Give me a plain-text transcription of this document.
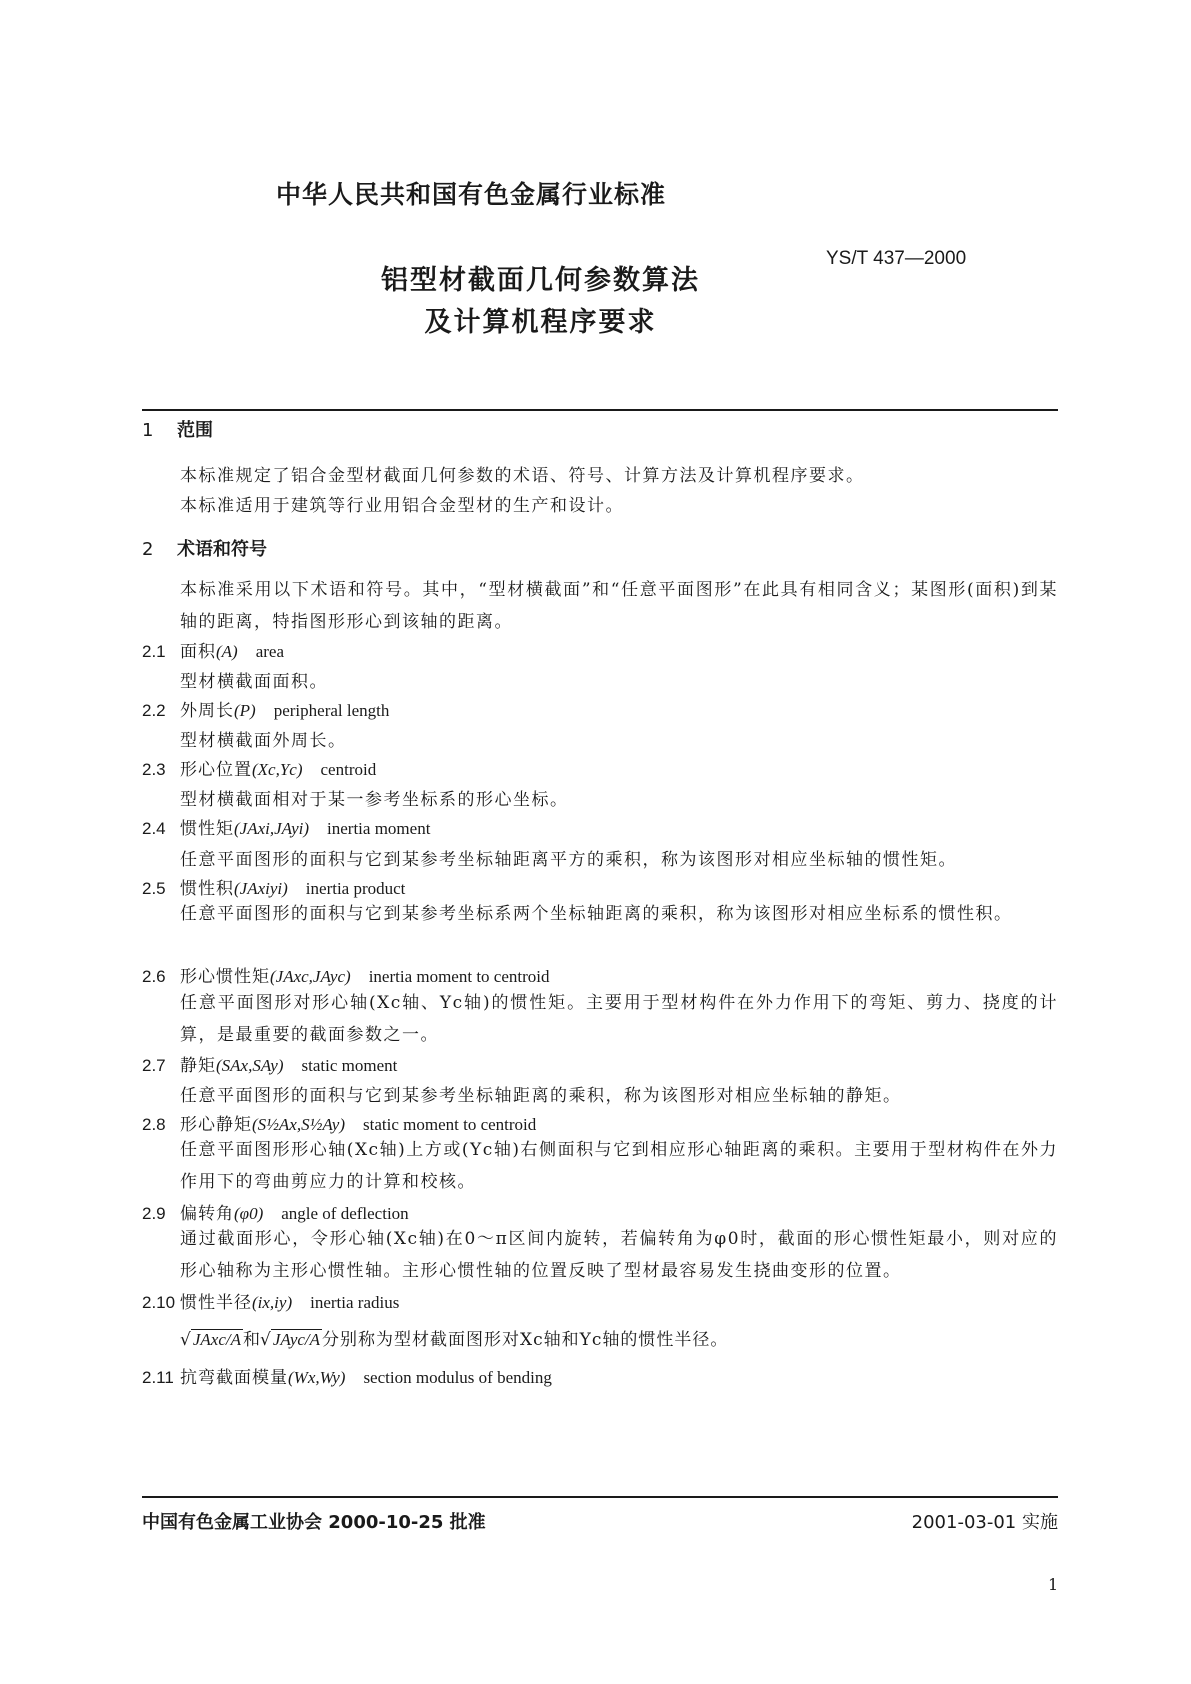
中华人民共和国有色金属行业标准
铝型材截面几何参数算法
及计算机程序要求
YS/T 437—2000
1 范围
本标准规定了铝合金型材截面几何参数的术语、符号、计算方法及计算机程序要求。
本标准适用于建筑等行业用铝合金型材的生产和设计。
2 术语和符号
本标准采用以下术语和符号。其中，“型材横截面”和“任意平面图形”在此具有相同含义；某图形(面积)到某轴的距离，特指图形形心到该轴的距离。
2.1 面积(A) area
型材横截面面积。
2.2 外周长(P) peripheral length
型材横截面外周长。
2.3 形心位置(Xc,Yc) centroid
型材横截面相对于某一参考坐标系的形心坐标。
2.4 惯性矩(JAxi,JAyi) inertia moment
任意平面图形的面积与它到某参考坐标轴距离平方的乘积，称为该图形对相应坐标轴的惯性矩。
2.5 惯性积(JAxiyi) inertia product
任意平面图形的面积与它到某参考坐标系两个坐标轴距离的乘积，称为该图形对相应坐标系的惯性积。
2.6 形心惯性矩(JAxc,JAyc) inertia moment to centroid
任意平面图形对形心轴(Xc轴、Yc轴)的惯性矩。主要用于型材构件在外力作用下的弯矩、剪力、挠度的计算，是最重要的截面参数之一。
2.7 静矩(SAx,SAy) static moment
任意平面图形的面积与它到某参考坐标轴距离的乘积，称为该图形对相应坐标轴的静矩。
2.8 形心静矩(S½Ax,S½Ay) static moment to centroid
任意平面图形形心轴(Xc轴)上方或(Yc轴)右侧面积与它到相应形心轴距离的乘积。主要用于型材构件在外力作用下的弯曲剪应力的计算和校核。
2.9 偏转角(φ0) angle of deflection
通过截面形心，令形心轴(Xc轴)在0～π区间内旋转，若偏转角为φ0时，截面的形心惯性矩最小，则对应的形心轴称为主形心惯性轴。主形心惯性轴的位置反映了型材最容易发生挠曲变形的位置。
2.10 惯性半径(ix,iy) inertia radius
√ JAxc/A 和√ JAyc/A 分别称为型材截面图形对Xc轴和Yc轴的惯性半径。
2.11 抗弯截面模量(Wx,Wy) section modulus of bending
中国有色金属工业协会 2000-10-25 批准	2001-03-01 实施
1
